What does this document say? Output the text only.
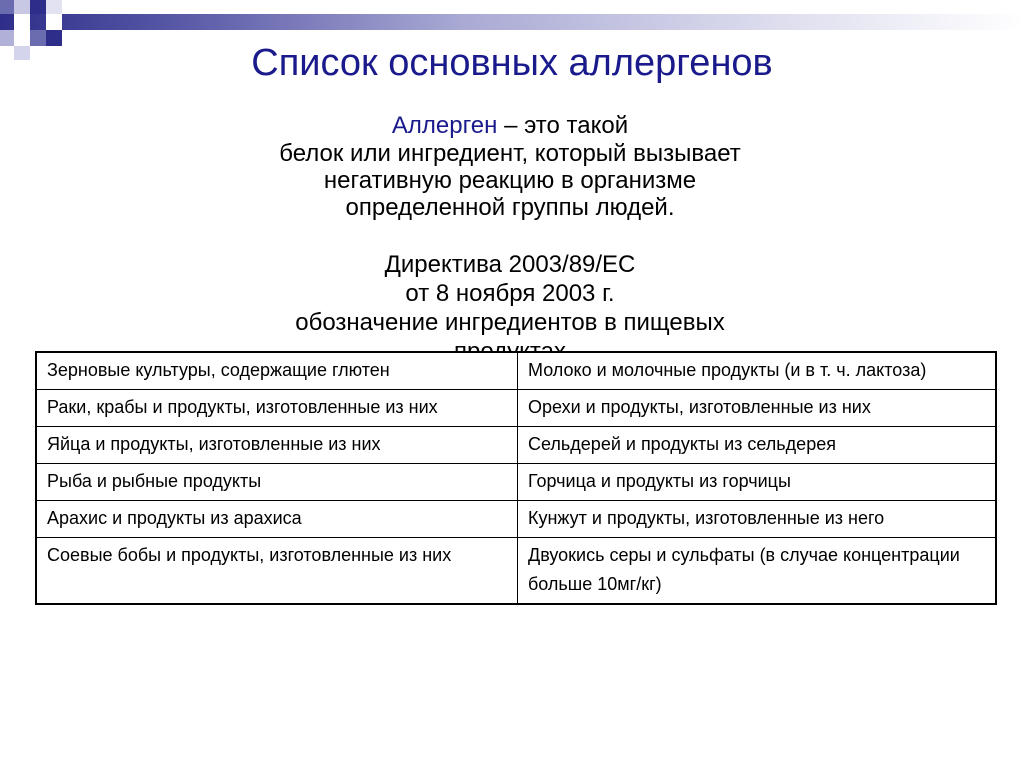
Список основных аллергенов
Аллерген – это такой
белок или ингредиент, который вызывает
негативную реакцию в организме
определенной группы людей.
Директива 2003/89/ЕС
от 8 ноября 2003 г.
обозначение ингредиентов в пищевых
Зерновые культуры, содержащие глютен	Молоко и молочные продукты (и в т. ч. лактоза)
Раки, крабы и продукты, изготовленные из них	Орехи и продукты, изготовленные из них
Яйца и продукты, изготовленные из них	Сельдерей и продукты из сельдерея
Рыба и рыбные продукты	Горчица и продукты из горчицы
Арахис и продукты из арахиса	Кунжут и продукты, изготовленные из него
Соевые бобы и продукты, изготовленные из них	Двуокись серы и сульфаты (в случае концентрации больше 10мг/кг)
